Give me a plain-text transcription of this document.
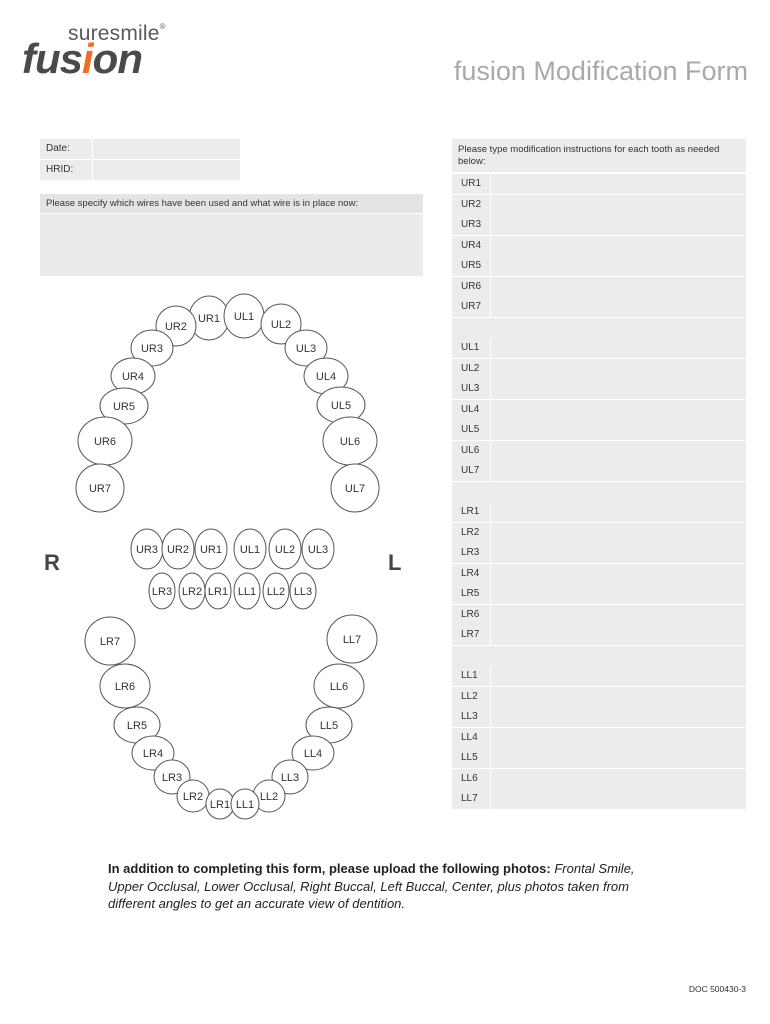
suresmile®
fusion	fusion Modification Form
Date:
HRID:
Please specify which wires have been used and what wire is in place now:
Please type modification instructions for each tooth as needed below:
UR1
UR2
UR3
UR4
UR5
UR6
UR7
UL1
UL2
UL3
UL4
UL5
UL6
UL7
LR1
LR2
LR3
LR4
LR5
LR6
LR7
LL1
LL2
LL3
LL4
LL5
LL6
LL7
UR1 UL1
UR2	UL2
UR3	UL3
UR4	UL4
UR5	UL5
UR6	UL6
UR7	UL7
UR3 UR2 UR1 UL1 UL2 UL3
LR3 LR2 LR1 LL1 LL2 LL3
LR7	LL7
LR6	LL6
LR5	LL5
LR4	LL4
LR3	LL3
LR2	LL2
LR1 LL1
R	L
In addition to completing this form, please upload the following photos: Frontal Smile, Upper Occlusal, Lower Occlusal, Right Buccal, Left Buccal, Center, plus photos taken from different angles to get an accurate view of dentition.
DOC 500430-3
